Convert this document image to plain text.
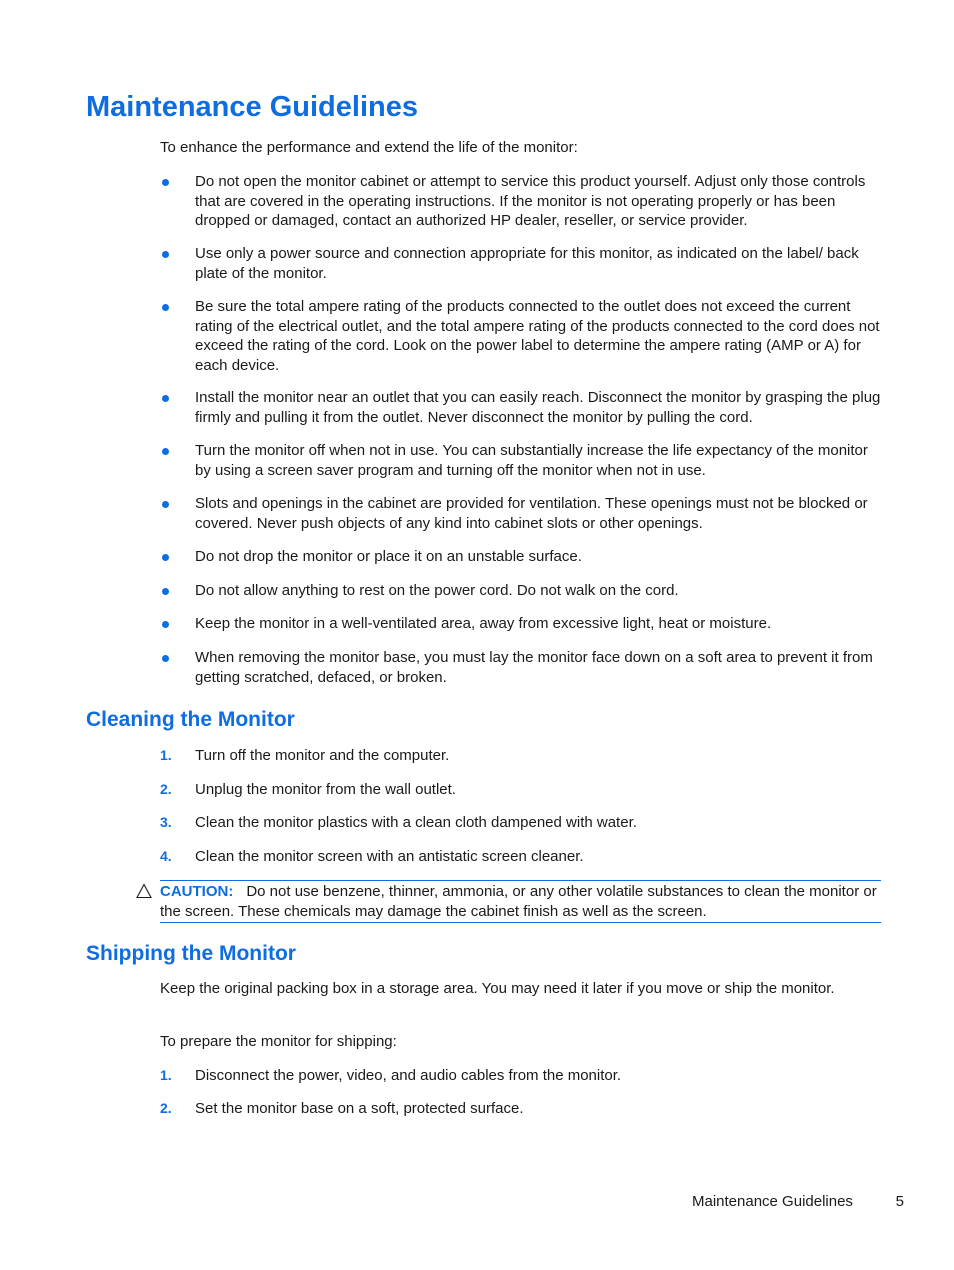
Maintenance Guidelines

To enhance the performance and extend the life of the monitor:

Do not open the monitor cabinet or attempt to service this product yourself. Adjust only those controls that are covered in the operating instructions. If the monitor is not operating properly or has been dropped or damaged, contact an authorized HP dealer, reseller, or service provider.
Use only a power source and connection appropriate for this monitor, as indicated on the label/ back plate of the monitor.
Be sure the total ampere rating of the products connected to the outlet does not exceed the current rating of the electrical outlet, and the total ampere rating of the products connected to the cord does not exceed the rating of the cord. Look on the power label to determine the ampere rating (AMP or A) for each device.
Install the monitor near an outlet that you can easily reach. Disconnect the monitor by grasping the plug firmly and pulling it from the outlet. Never disconnect the monitor by pulling the cord.
Turn the monitor off when not in use. You can substantially increase the life expectancy of the monitor by using a screen saver program and turning off the monitor when not in use.
Slots and openings in the cabinet are provided for ventilation. These openings must not be blocked or covered. Never push objects of any kind into cabinet slots or other openings.
Do not drop the monitor or place it on an unstable surface.
Do not allow anything to rest on the power cord. Do not walk on the cord.
Keep the monitor in a well-ventilated area, away from excessive light, heat or moisture.
When removing the monitor base, you must lay the monitor face down on a soft area to prevent it from getting scratched, defaced, or broken.
Cleaning the Monitor
1. Turn off the monitor and the computer.
2. Unplug the monitor from the wall outlet.
3. Clean the monitor plastics with a clean cloth dampened with water.
4. Clean the monitor screen with an antistatic screen cleaner.
CAUTION: Do not use benzene, thinner, ammonia, or any other volatile substances to clean the monitor or the screen. These chemicals may damage the cabinet finish as well as the screen.
Shipping the Monitor

Keep the original packing box in a storage area. You may need it later if you move or ship the monitor.

To prepare the monitor for shipping:

1. Disconnect the power, video, and audio cables from the monitor.
2. Set the monitor base on a soft, protected surface.
Maintenance Guidelines	5
